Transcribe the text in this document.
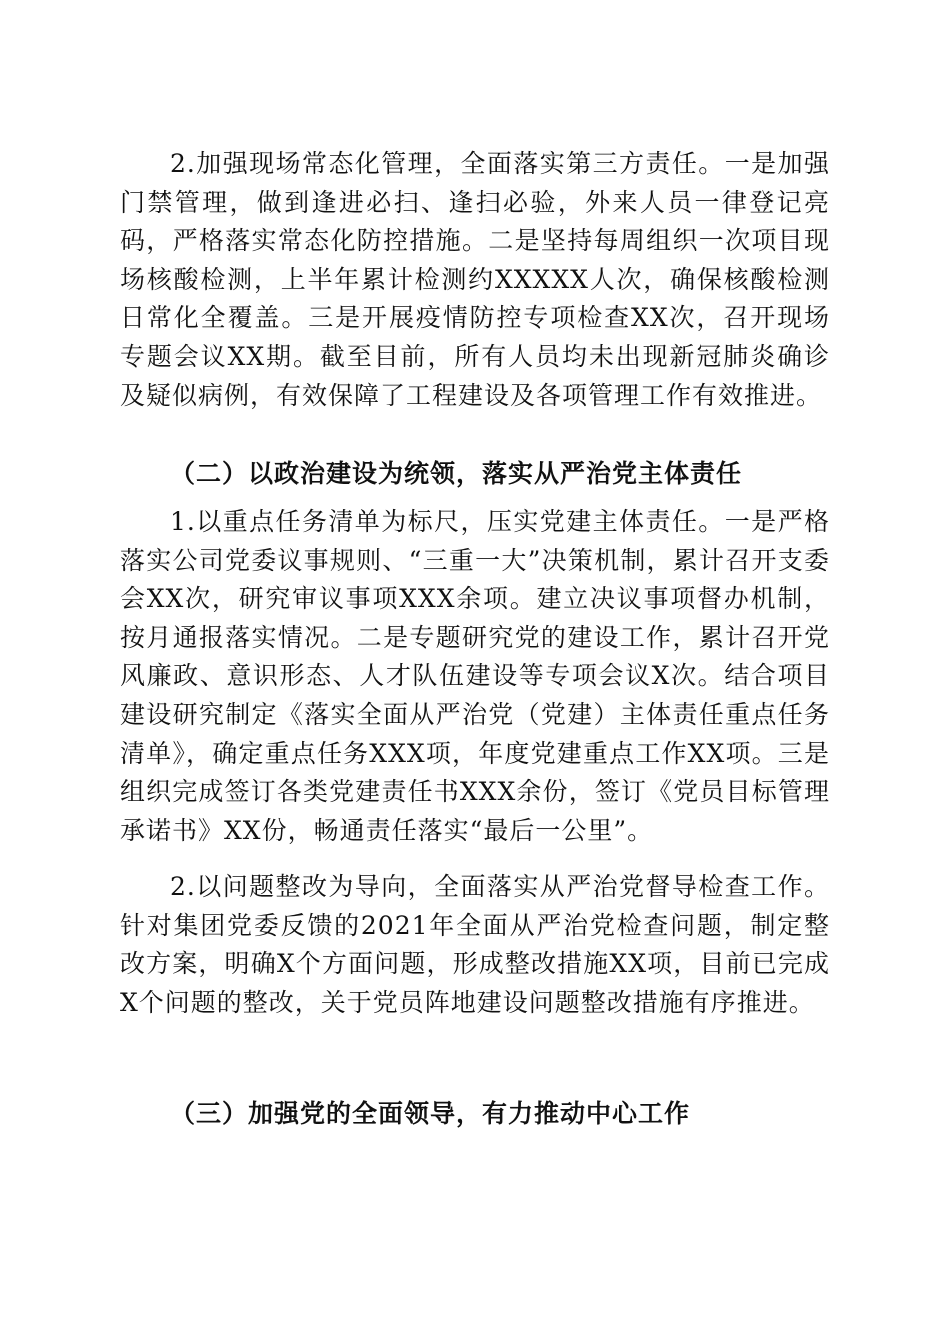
2.加强现场常态化管理，全面落实第三方责任。一是加强门禁管理，做到逢进必扫、逢扫必验，外来人员一律登记亮码，严格落实常态化防控措施。二是坚持每周组织一次项目现场核酸检测，上半年累计检测约XXXXX人次，确保核酸检测日常化全覆盖。三是开展疫情防控专项检查XX次，召开现场专题会议XX期。截至目前，所有人员均未出现新冠肺炎确诊及疑似病例，有效保障了工程建设及各项管理工作有效推进。

（二）以政治建设为统领，落实从严治党主体责任

1.以重点任务清单为标尺，压实党建主体责任。一是严格落实公司党委议事规则、“三重一大”决策机制，累计召开支委会XX次，研究审议事项XXX余项。建立决议事项督办机制，按月通报落实情况。二是专题研究党的建设工作，累计召开党风廉政、意识形态、人才队伍建设等专项会议X次。结合项目建设研究制定《落实全面从严治党（党建）主体责任重点任务清单》，确定重点任务XXX项，年度党建重点工作XX项。三是组织完成签订各类党建责任书XXX余份，签订《党员目标管理承诺书》XX份，畅通责任落实“最后一公里”。

2.以问题整改为导向，全面落实从严治党督导检查工作。针对集团党委反馈的2021年全面从严治党检查问题，制定整改方案，明确X个方面问题，形成整改措施XX项，目前已完成X个问题的整改，关于党员阵地建设问题整改措施有序推进。

（三）加强党的全面领导，有力推动中心工作
